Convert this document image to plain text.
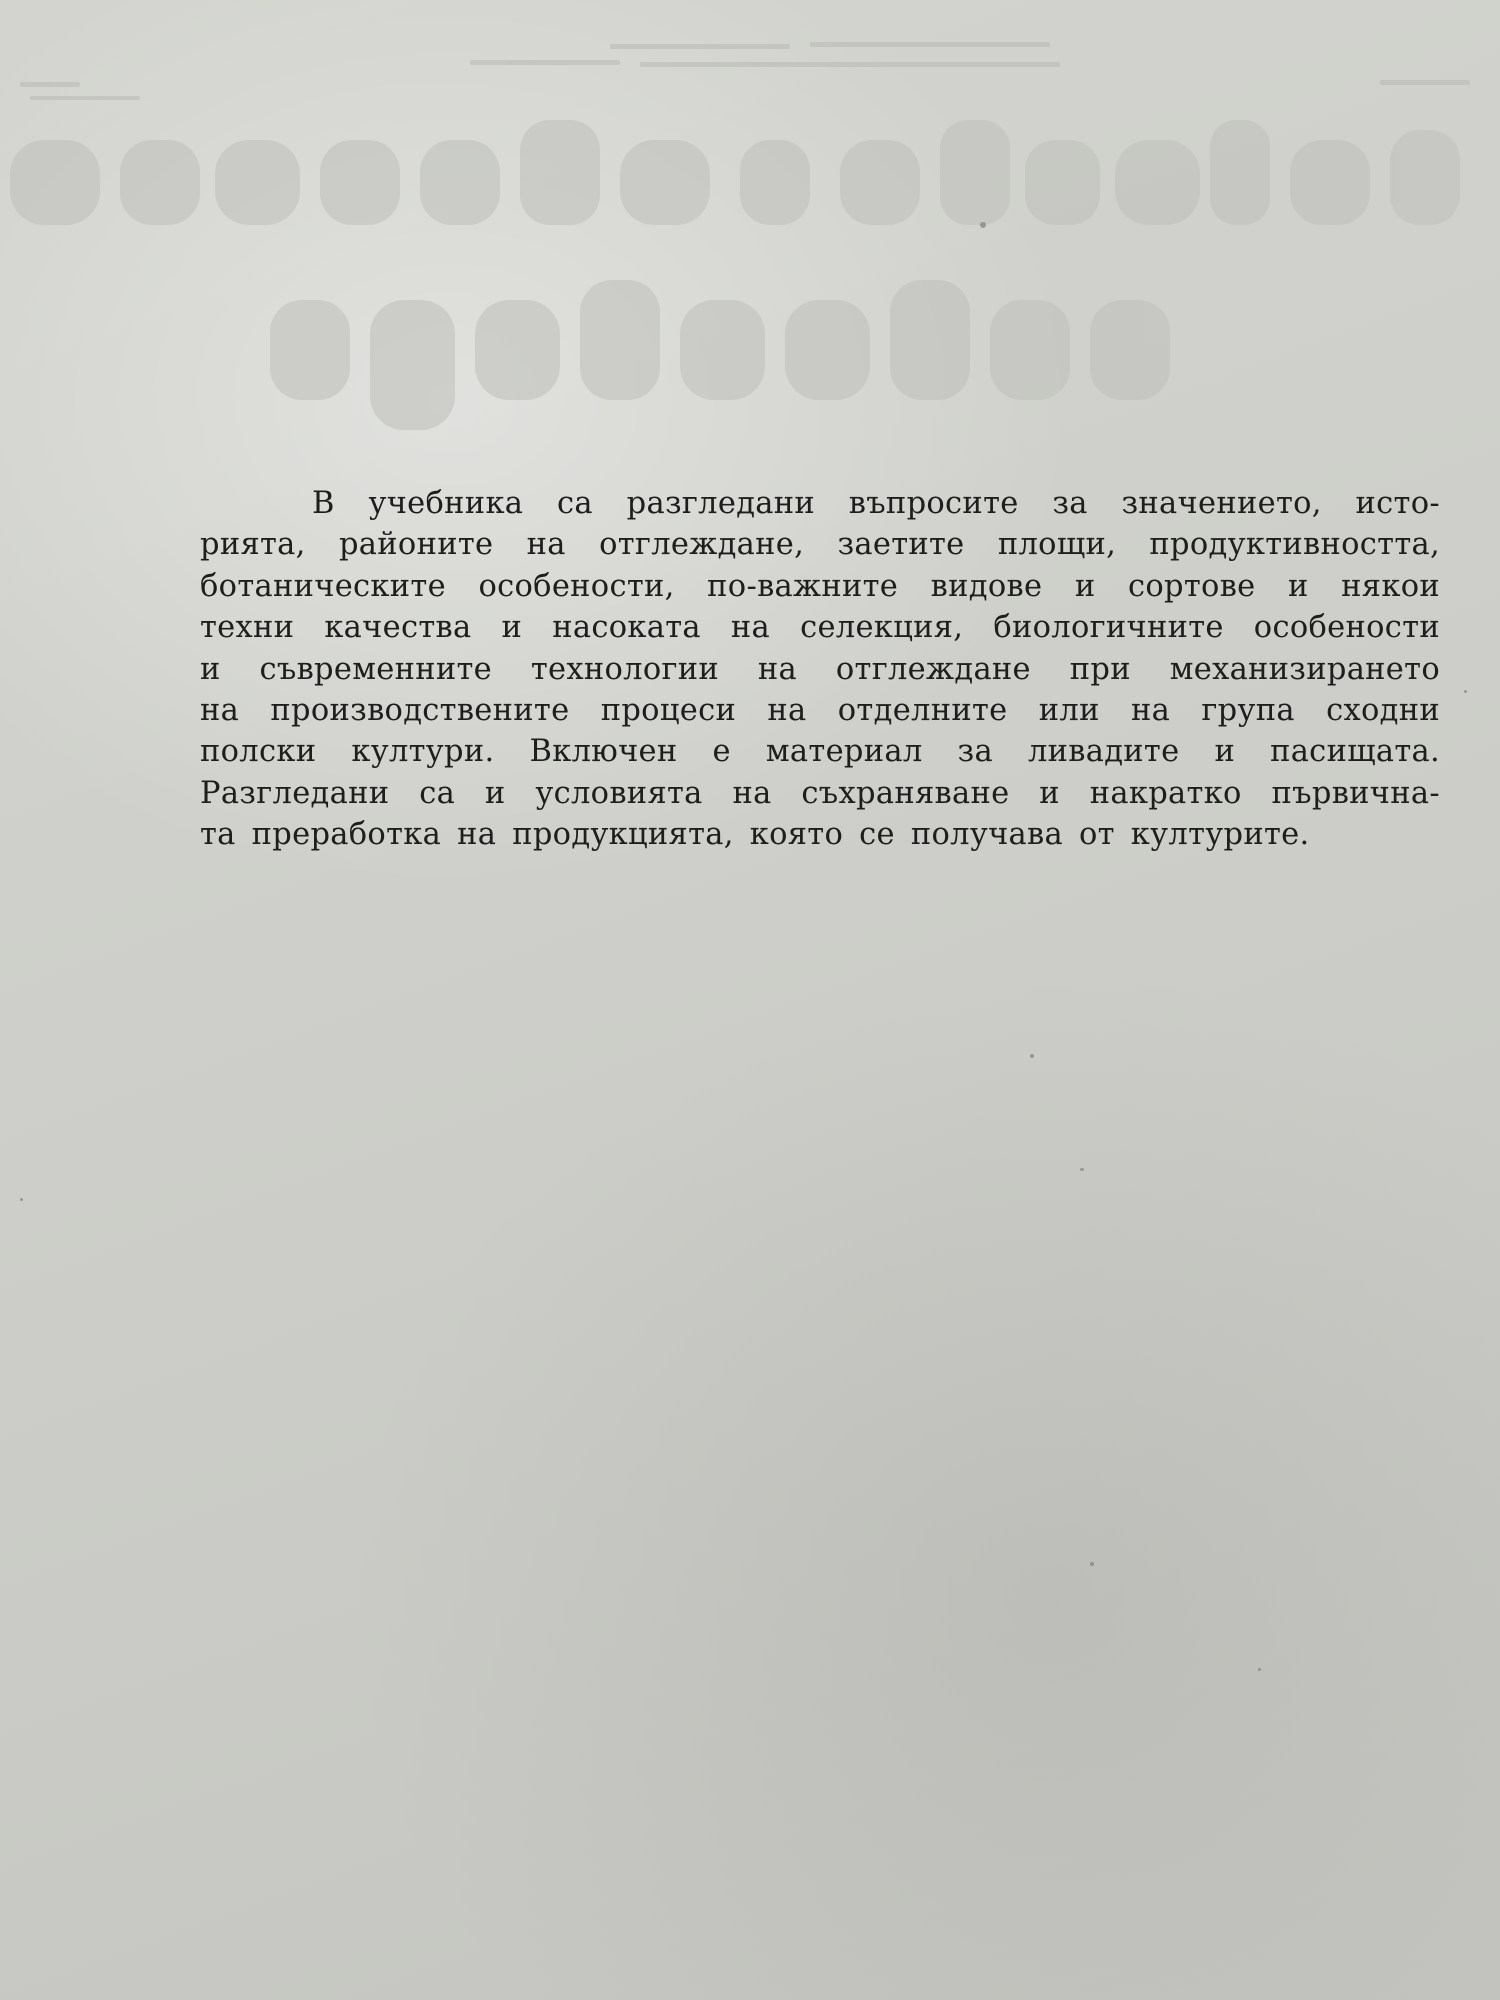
В учебника са разгледани въпросите за значението, исто-
рията, районите на отглеждане, заетите площи, продуктивността,
ботаническите особености, по-важните видове и сортове и някои
техни качества и насоката на селекция, биологичните особености
и съвременните технологии на отглеждане при механизирането
на производствените процеси на отделните или на група сходни
полски култури. Включен е материал за ливадите и пасищата.
Разгледани са и условията на съхраняване и накратко първична-
та преработка на продукцията, която се получава от културите.
